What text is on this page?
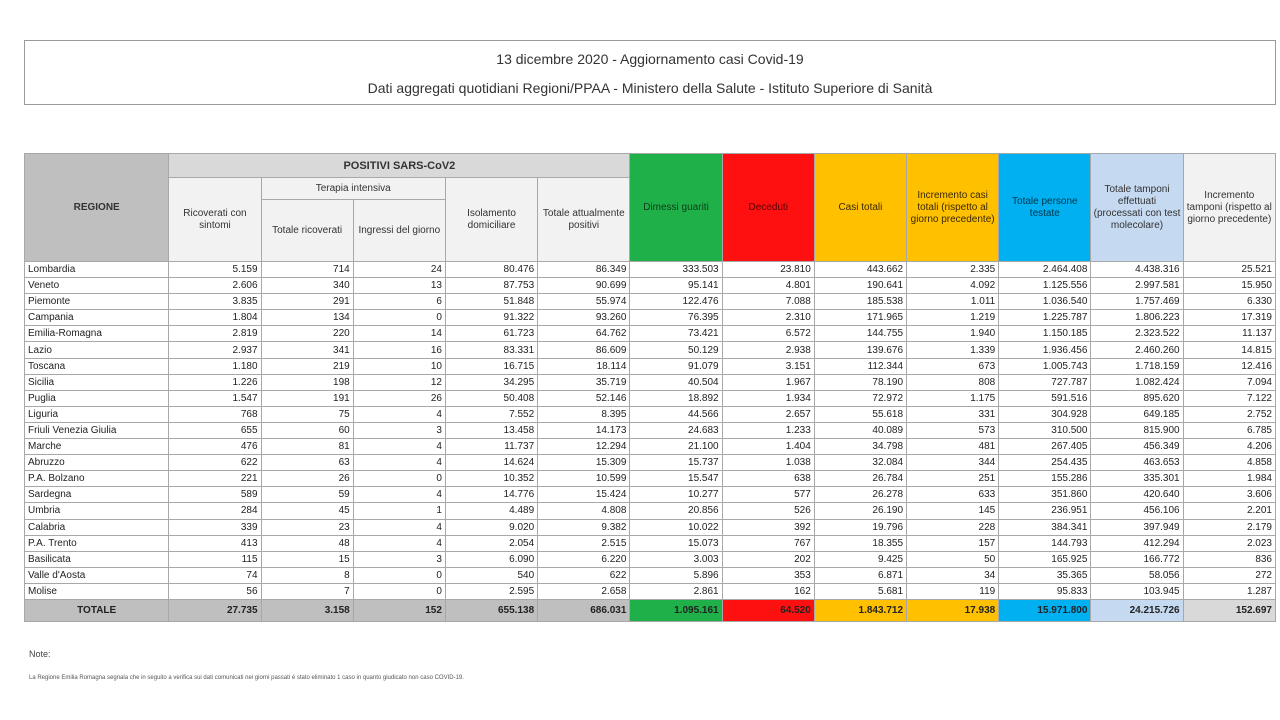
13 dicembre 2020 - Aggiornamento casi Covid-19
Dati aggregati quotidiani Regioni/PPAA - Ministero della Salute - Istituto Superiore di Sanità
REGIONE	POSITIVI SARS-CoV2					Dimessi guariti	Deceduti	Casi totali	Incremento casi totali (rispetto al giorno precedente)	Totale persone testate	Totale tamponi effettuati (processati con test molecolare)	Incremento tamponi (rispetto al giorno precedente)
	Ricoverati con sintomi	Terapia intensiva		Isolamento domiciliare	Totale attualmente positivi							
		Totale ricoverati	Ingressi del giorno									
Lombardia	5.159	714	24	80.476	86.349	333.503	23.810	443.662	2.335	2.464.408	4.438.316	25.521
Veneto	2.606	340	13	87.753	90.699	95.141	4.801	190.641	4.092	1.125.556	2.997.581	15.950
Piemonte	3.835	291	6	51.848	55.974	122.476	7.088	185.538	1.011	1.036.540	1.757.469	6.330
Campania	1.804	134	0	91.322	93.260	76.395	2.310	171.965	1.219	1.225.787	1.806.223	17.319
Emilia-Romagna	2.819	220	14	61.723	64.762	73.421	6.572	144.755	1.940	1.150.185	2.323.522	11.137
Lazio	2.937	341	16	83.331	86.609	50.129	2.938	139.676	1.339	1.936.456	2.460.260	14.815
Toscana	1.180	219	10	16.715	18.114	91.079	3.151	112.344	673	1.005.743	1.718.159	12.416
Sicilia	1.226	198	12	34.295	35.719	40.504	1.967	78.190	808	727.787	1.082.424	7.094
Puglia	1.547	191	26	50.408	52.146	18.892	1.934	72.972	1.175	591.516	895.620	7.122
Liguria	768	75	4	7.552	8.395	44.566	2.657	55.618	331	304.928	649.185	2.752
Friuli Venezia Giulia	655	60	3	13.458	14.173	24.683	1.233	40.089	573	310.500	815.900	6.785
Marche	476	81	4	11.737	12.294	21.100	1.404	34.798	481	267.405	456.349	4.206
Abruzzo	622	63	4	14.624	15.309	15.737	1.038	32.084	344	254.435	463.653	4.858
P.A. Bolzano	221	26	0	10.352	10.599	15.547	638	26.784	251	155.286	335.301	1.984
Sardegna	589	59	4	14.776	15.424	10.277	577	26.278	633	351.860	420.640	3.606
Umbria	284	45	1	4.489	4.808	20.856	526	26.190	145	236.951	456.106	2.201
Calabria	339	23	4	9.020	9.382	10.022	392	19.796	228	384.341	397.949	2.179
P.A. Trento	413	48	4	2.054	2.515	15.073	767	18.355	157	144.793	412.294	2.023
Basilicata	115	15	3	6.090	6.220	3.003	202	9.425	50	165.925	166.772	836
Valle d'Aosta	74	8	0	540	622	5.896	353	6.871	34	35.365	58.056	272
Molise	56	7	0	2.595	2.658	2.861	162	5.681	119	95.833	103.945	1.287
TOTALE	27.735	3.158	152	655.138	686.031	1.095.161	64.520	1.843.712	17.938	15.971.800	24.215.726	152.697
Note:
La Regione Emilia Romagna segnala che in seguito a verifica sui dati comunicati nei giorni passati è stato eliminato 1 caso in quanto giudicato non caso COVID-19.
